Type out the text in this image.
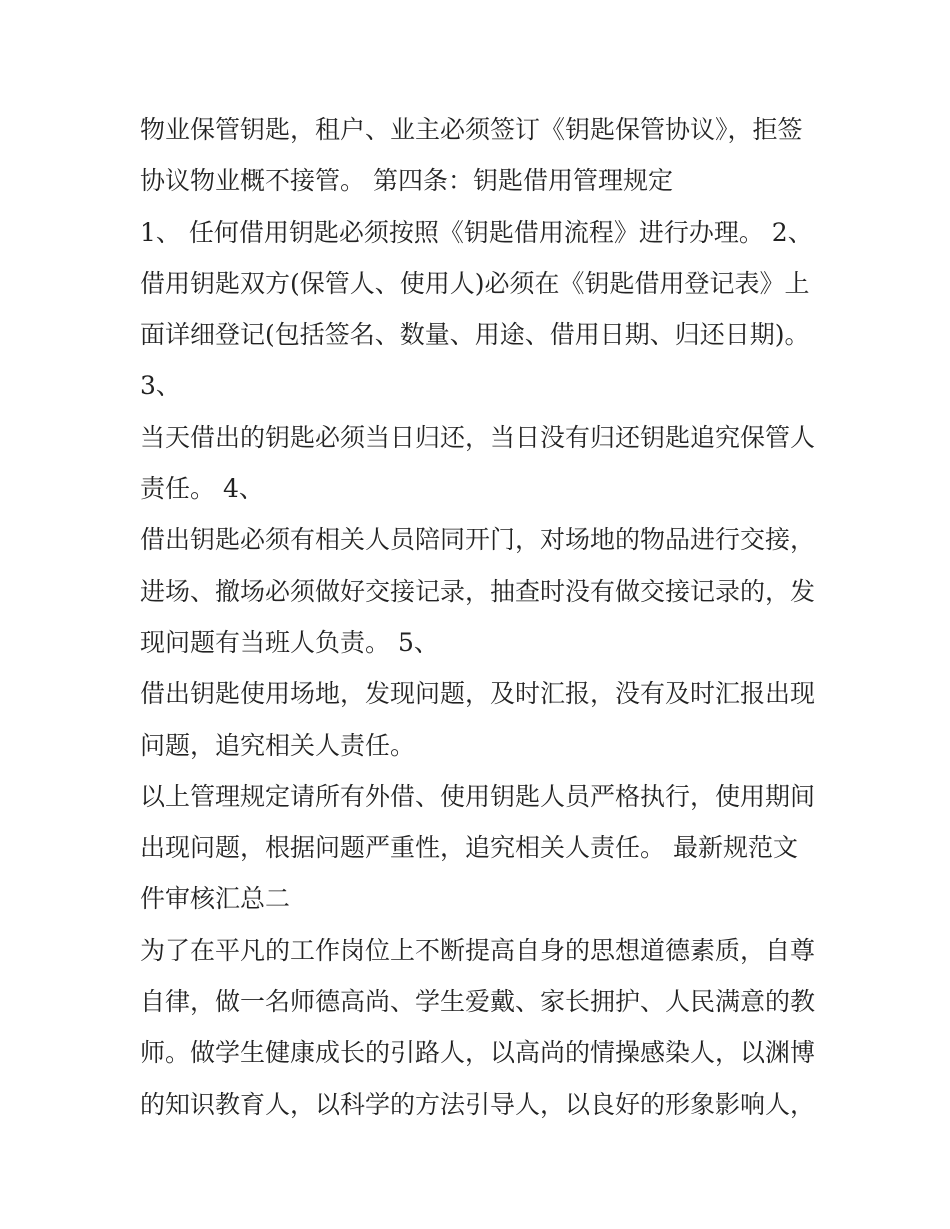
物业保管钥匙，租户、业主必须签订《钥匙保管协议》，拒签
协议物业概不接管。 第四条：钥匙借用管理规定
1、 任何借用钥匙必须按照《钥匙借用流程》进行办理。 2、
借用钥匙双方(保管人、使用人)必须在《钥匙借用登记表》上
面详细登记(包括签名、数量、用途、借用日期、归还日期)。
3、
当天借出的钥匙必须当日归还，当日没有归还钥匙追究保管人
责任。 4、
借出钥匙必须有相关人员陪同开门，对场地的物品进行交接，
进场、撤场必须做好交接记录，抽查时没有做交接记录的，发
现问题有当班人负责。 5、
借出钥匙使用场地，发现问题，及时汇报，没有及时汇报出现
问题，追究相关人责任。
以上管理规定请所有外借、使用钥匙人员严格执行，使用期间
出现问题，根据问题严重性，追究相关人责任。 最新规范文
件审核汇总二
为了在平凡的工作岗位上不断提高自身的思想道德素质，自尊
自律，做一名师德高尚、学生爱戴、家长拥护、人民满意的教
师。做学生健康成长的引路人，以高尚的情操感染人，以渊博
的知识教育人，以科学的方法引导人，以良好的形象影响人，
